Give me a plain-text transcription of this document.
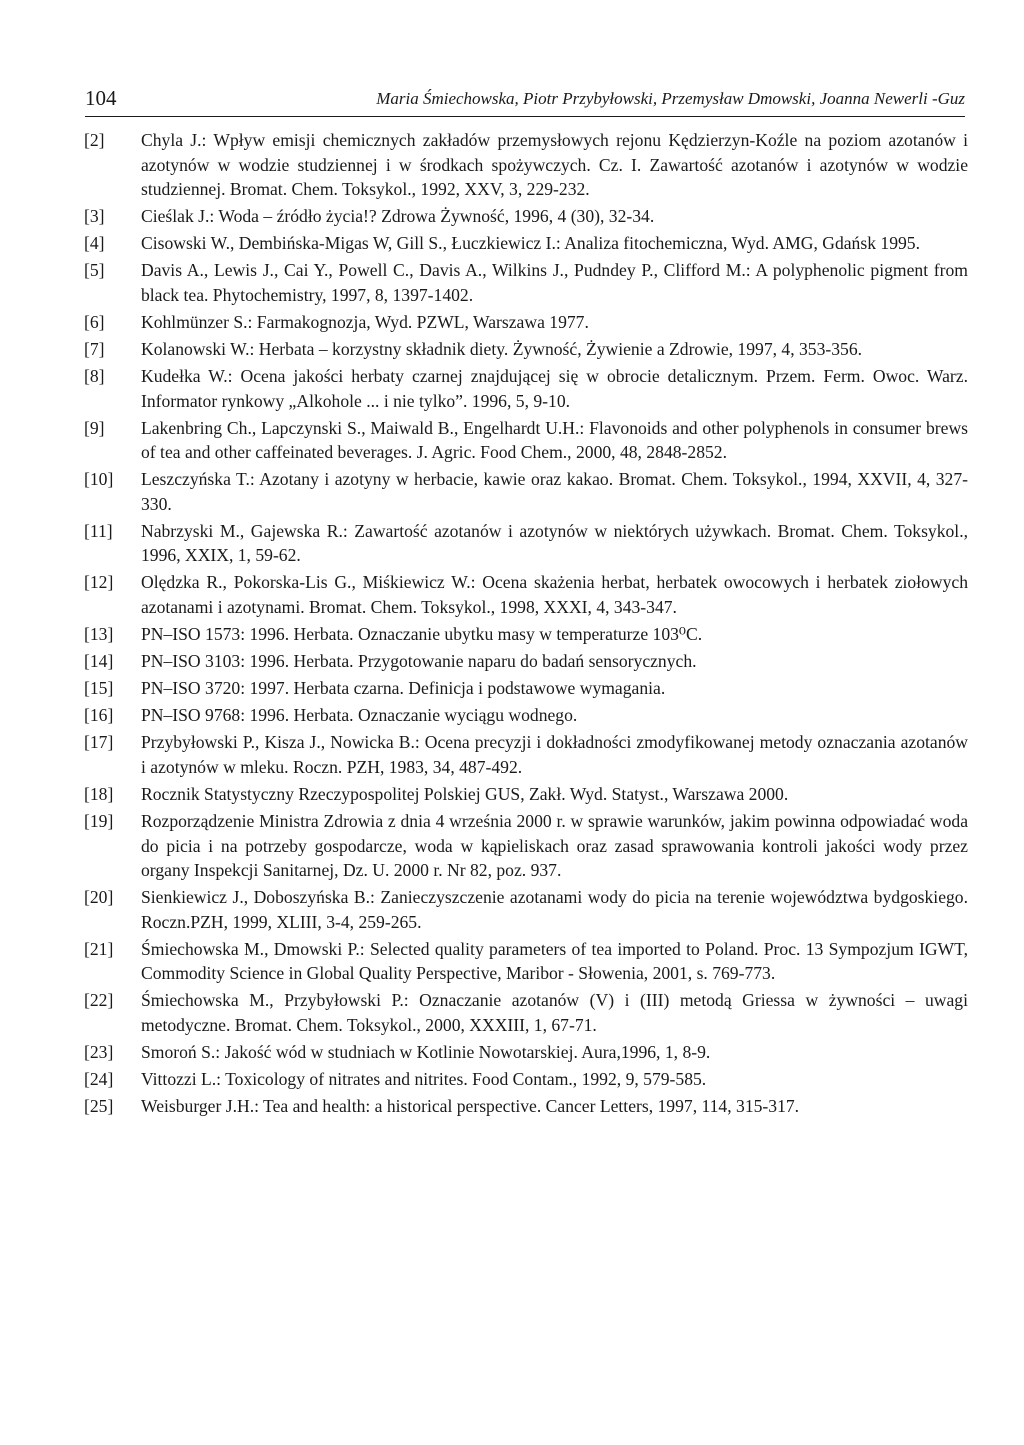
104	Maria Śmiechowska, Piotr Przybyłowski, Przemysław Dmowski, Joanna Newerli -Guz
[2]	Chyla J.: Wpływ emisji chemicznych zakładów przemysłowych rejonu Kędzierzyn-Koźle na poziom azotanów i azotynów w wodzie studziennej i w środkach spożywczych. Cz. I. Zawartość azotanów i azotynów w wodzie studziennej. Bromat. Chem. Toksykol., 1992, XXV, 3, 229-232.
[3]	Cieślak J.: Woda – źródło życia!? Zdrowa Żywność, 1996, 4 (30), 32-34.
[4]	Cisowski W., Dembińska-Migas W, Gill S., Łuczkiewicz I.: Analiza fitochemiczna, Wyd. AMG, Gdańsk 1995.
[5]	Davis A., Lewis J., Cai Y., Powell C., Davis A., Wilkins J., Pudndey P., Clifford M.: A polyphenolic pigment from black tea. Phytochemistry, 1997, 8, 1397-1402.
[6]	Kohlmünzer S.: Farmakognozja, Wyd. PZWL, Warszawa 1977.
[7]	Kolanowski W.: Herbata – korzystny składnik diety. Żywność, Żywienie a Zdrowie, 1997, 4, 353-356.
[8]	Kudełka W.: Ocena jakości herbaty czarnej znajdującej się w obrocie detalicznym. Przem. Ferm. Owoc. Warz. Informator rynkowy „Alkohole ... i nie tylko”. 1996, 5, 9-10.
[9]	Lakenbring Ch., Lapczynski S., Maiwald B., Engelhardt U.H.: Flavonoids and other polyphenols in consumer brews of tea and other caffeinated beverages. J. Agric. Food Chem., 2000, 48, 2848-2852.
[10]	Leszczyńska T.: Azotany i azotyny w herbacie, kawie oraz kakao. Bromat. Chem. Toksykol., 1994, XXVII, 4, 327-330.
[11]	Nabrzyski M., Gajewska R.: Zawartość azotanów i azotynów w niektórych używkach. Bromat. Chem. Toksykol., 1996, XXIX, 1, 59-62.
[12]	Olędzka R., Pokorska-Lis G., Miśkiewicz W.: Ocena skażenia herbat, herbatek owocowych i herbatek ziołowych azotanami i azotynami. Bromat. Chem. Toksykol., 1998, XXXI, 4, 343-347.
[13]	PN–ISO 1573: 1996. Herbata. Oznaczanie ubytku masy w temperaturze 103⁰C.
[14]	PN–ISO 3103: 1996. Herbata. Przygotowanie naparu do badań sensorycznych.
[15]	PN–ISO 3720: 1997. Herbata czarna. Definicja i podstawowe wymagania.
[16]	PN–ISO 9768: 1996. Herbata. Oznaczanie wyciągu wodnego.
[17]	Przybyłowski P., Kisza J., Nowicka B.: Ocena precyzji i dokładności zmodyfikowanej metody oznaczania azotanów i azotynów w mleku. Roczn. PZH, 1983, 34, 487-492.
[18]	Rocznik Statystyczny Rzeczypospolitej Polskiej GUS, Zakł. Wyd. Statyst., Warszawa 2000.
[19]	Rozporządzenie Ministra Zdrowia z dnia 4 września 2000 r. w sprawie warunków, jakim powinna odpowiadać woda do picia i na potrzeby gospodarcze, woda w kąpieliskach oraz zasad sprawowania kontroli jakości wody przez organy Inspekcji Sanitarnej, Dz. U. 2000 r. Nr 82, poz. 937.
[20]	Sienkiewicz J., Doboszyńska B.: Zanieczyszczenie azotanami wody do picia na terenie województwa bydgoskiego. Roczn.PZH, 1999, XLIII, 3-4, 259-265.
[21]	Śmiechowska M., Dmowski P.: Selected quality parameters of tea imported to Poland. Proc. 13 Sympozjum IGWT, Commodity Science in Global Quality Perspective, Maribor - Słowenia, 2001, s. 769-773.
[22]	Śmiechowska M., Przybyłowski P.: Oznaczanie azotanów (V) i (III) metodą Griessa w żywności – uwagi metodyczne. Bromat. Chem. Toksykol., 2000, XXXIII, 1, 67-71.
[23]	Smoroń S.: Jakość wód w studniach w Kotlinie Nowotarskiej. Aura,1996, 1, 8-9.
[24]	Vittozzi L.: Toxicology of nitrates and nitrites. Food Contam., 1992, 9, 579-585.
[25]	Weisburger J.H.: Tea and health: a historical perspective. Cancer Letters, 1997, 114, 315-317.
